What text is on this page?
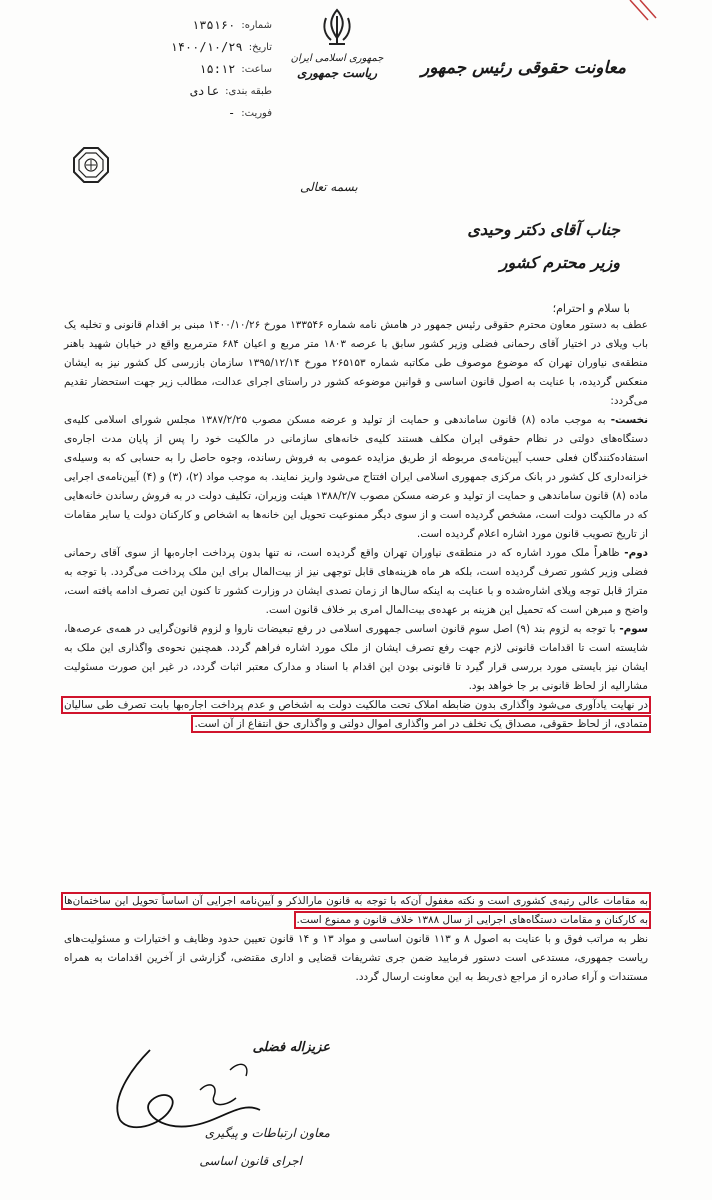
شماره:
۱۳۵۱۶۰
تاریخ:
۱۴۰۰/۱۰/۲۹
ساعت:
۱۵:۱۲
طبقه بندی:
عادی
فوریت:
-
جمهوری اسلامی ایران
ریاست جمهوری	معاونت حقوقی رئیس جمهور
بسمه تعالی
جناب آقای دکتر وحیدی
وزیر محترم کشور
با سلام و احترام؛

عطف به دستور معاون محترم حقوقی رئیس جمهور در هامش نامه شماره ۱۳۳۵۴۶ مورخ ۱۴۰۰/۱۰/۲۶ مبنی بر اقدام قانونی و تخلیه یک باب ویلای در اختیار آقای رحمانی فضلی وزیر کشور سابق با عرصه ۱۸۰۳ متر مربع و اعیان ۶۸۴ مترمربع واقع در خیابان شهید باهنر منطقه‌ی نیاوران تهران که موضوع موصوف طی مکاتبه شماره ۲۶۵۱۵۳ مورخ ۱۳۹۵/۱۲/۱۴ سازمان بازرسی کل کشور نیز به ایشان منعکس گردیده، با عنایت به اصول قانون اساسی و قوانین موضوعه کشور در راستای اجرای عدالت، مطالب زیر جهت استحضار تقدیم می‌گردد:

نخست- به موجب ماده (۸) قانون ساماندهی و حمایت از تولید و عرضه مسکن مصوب ۱۳۸۷/۲/۲۵ مجلس شورای اسلامی کلیه‌ی دستگاه‌های دولتی در نظام حقوقی ایران مکلف هستند کلیه‌ی خانه‌های سازمانی در مالکیت خود را پس از پایان مدت اجاره‌ی استفاده‌کنندگان فعلی حسب آیین‌نامه‌ی مربوطه از طریق مزایده عمومی به فروش رسانده، وجوه حاصل را به حسابی که به وسیله‌ی خزانه‌داری کل کشور در بانک مرکزی جمهوری اسلامی ایران افتتاح می‌شود واریز نمایند. به موجب مواد (۲)، (۳) و (۴) آیین‌نامه‌ی اجرایی ماده (۸) قانون ساماندهی و حمایت از تولید و عرضه مسکن مصوب ۱۳۸۸/۲/۷ هیئت وزیران، تکلیف دولت در به فروش رساندن خانه‌هایی که در مالکیت دولت است، مشخص گردیده است و از سوی دیگر ممنوعیت تحویل این خانه‌ها به اشخاص و کارکنان دولت یا سایر مقامات از تاریخ تصویب قانون مورد اشاره اعلام گردیده است.

دوم- ظاهراً ملک مورد اشاره که در منطقه‌ی نیاوران تهران واقع گردیده است، نه تنها بدون پرداخت اجاره‌بها از سوی آقای رحمانی فضلی وزیر کشور تصرف گردیده است، بلکه هر ماه هزینه‌های قابل توجهی نیز از بیت‌المال برای این ملک پرداخت می‌گردد. با توجه به متراژ قابل توجه ویلای اشاره‌شده و با عنایت به اینکه سال‌ها از زمان تصدی ایشان در وزارت کشور تا کنون این تصرف ادامه یافته است، واضح و مبرهن است که تحمیل این هزینه بر عهده‌ی بیت‌المال امری بر خلاف قانون است.

سوم- با توجه به لزوم بند (۹) اصل سوم قانون اساسی جمهوری اسلامی در رفع تبعیضات ناروا و لزوم قانون‌گرایی در همه‌ی عرصه‌ها، شایسته است تا اقدامات قانونی لازم جهت رفع تصرف ایشان از ملک مورد اشاره فراهم گردد. همچنین نحوه‌ی واگذاری این ملک به ایشان نیز بایستی مورد بررسی قرار گیرد تا قانونی بودن این اقدام با اسناد و مدارک معتبر اثبات گردد، در غیر این صورت مسئولیت مشارالیه از لحاظ قانونی بر جا خواهد بود.

در نهایت یادآوری می‌شود واگذاری بدون ضابطه املاک تحت مالکیت دولت به اشخاص و عدم پرداخت اجاره‌بها بابت تصرف طی سالیان متمادی، از لحاظ حقوقی، مصداق یک تخلف در امر واگذاری اموال دولتی و واگذاری حق انتفاع از آن است.

به مقامات عالی رتبه‌ی کشوری است و نکته مغفول آن‌که با توجه به قانون مارالذکر و آیین‌نامه اجرایی آن اساساً تحویل این ساختمان‌ها به کارکنان و مقامات دستگاه‌های اجرایی از سال ۱۳۸۸ خلاف قانون و ممنوع است.

نظر به مراتب فوق و با عنایت به اصول ۸ و ۱۱۳ قانون اساسی و مواد ۱۳ و ۱۴ قانون تعیین حدود وظایف و اختیارات و مسئولیت‌های ریاست جمهوری، مستدعی است دستور فرمایید ضمن جری تشریفات قضایی و اداری مقتضی، گزارشی از آخرین اقدامات به همراه مستندات و آراء صادره از مراجع ذی‌ربط به این معاونت ارسال گردد.

عزیزاله فضلی
معاون ارتباطات و پیگیری
اجرای قانون اساسی
